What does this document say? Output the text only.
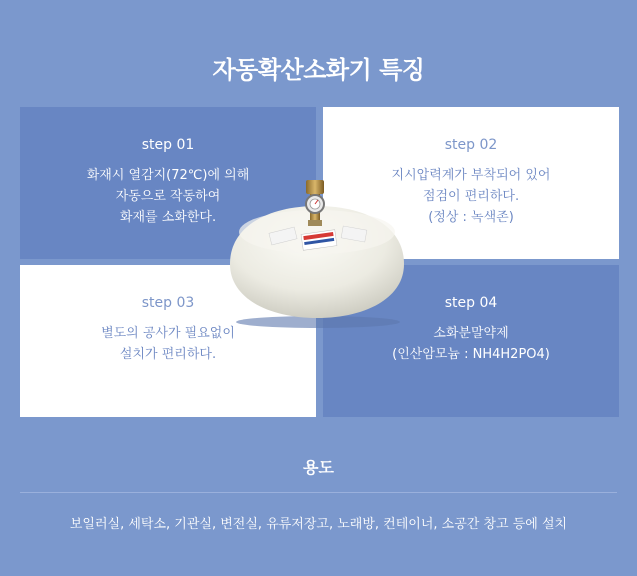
자동확산소화기 특징
step 01
화재시 열감지(72℃)에 의해
자동으로 작동하여
화재를 소화한다.
step 02
지시압력계가 부착되어 있어
점검이 편리하다.
(정상 : 녹색존)
step 03
별도의 공사가 필요없이
설치가 편리하다.
step 04
소화분말약제
(인산암모늄 : NH4H2PO4)
용도
보일러실, 세탁소, 기관실, 변전실, 유류저장고, 노래방, 컨테이너, 소공간 창고 등에 설치
